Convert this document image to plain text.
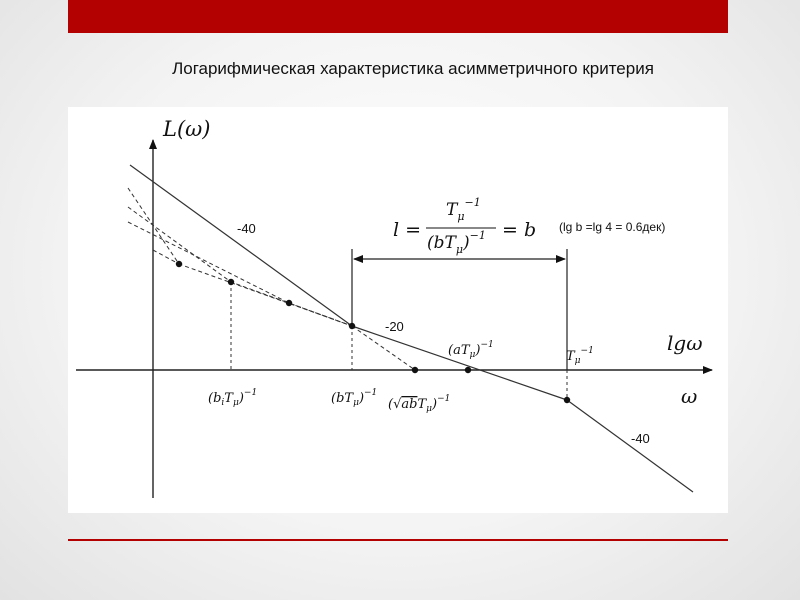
Логарифмическая характеристика асимметричного критерия
L(ω)
lgω
ω
-40
-20
-40
l =
$T_\mu^{-1}$
$(bT_\mu)^{-1} = b$ (lg b =lg 4 = 0.6дек)
$(b_iT_\mu)^{-1}$	$(bT_\mu)^{-1}$
$(√abT_\mu)^{-1}$
$(aT_\mu)^{-1}$
$T_\mu^{-1}$
